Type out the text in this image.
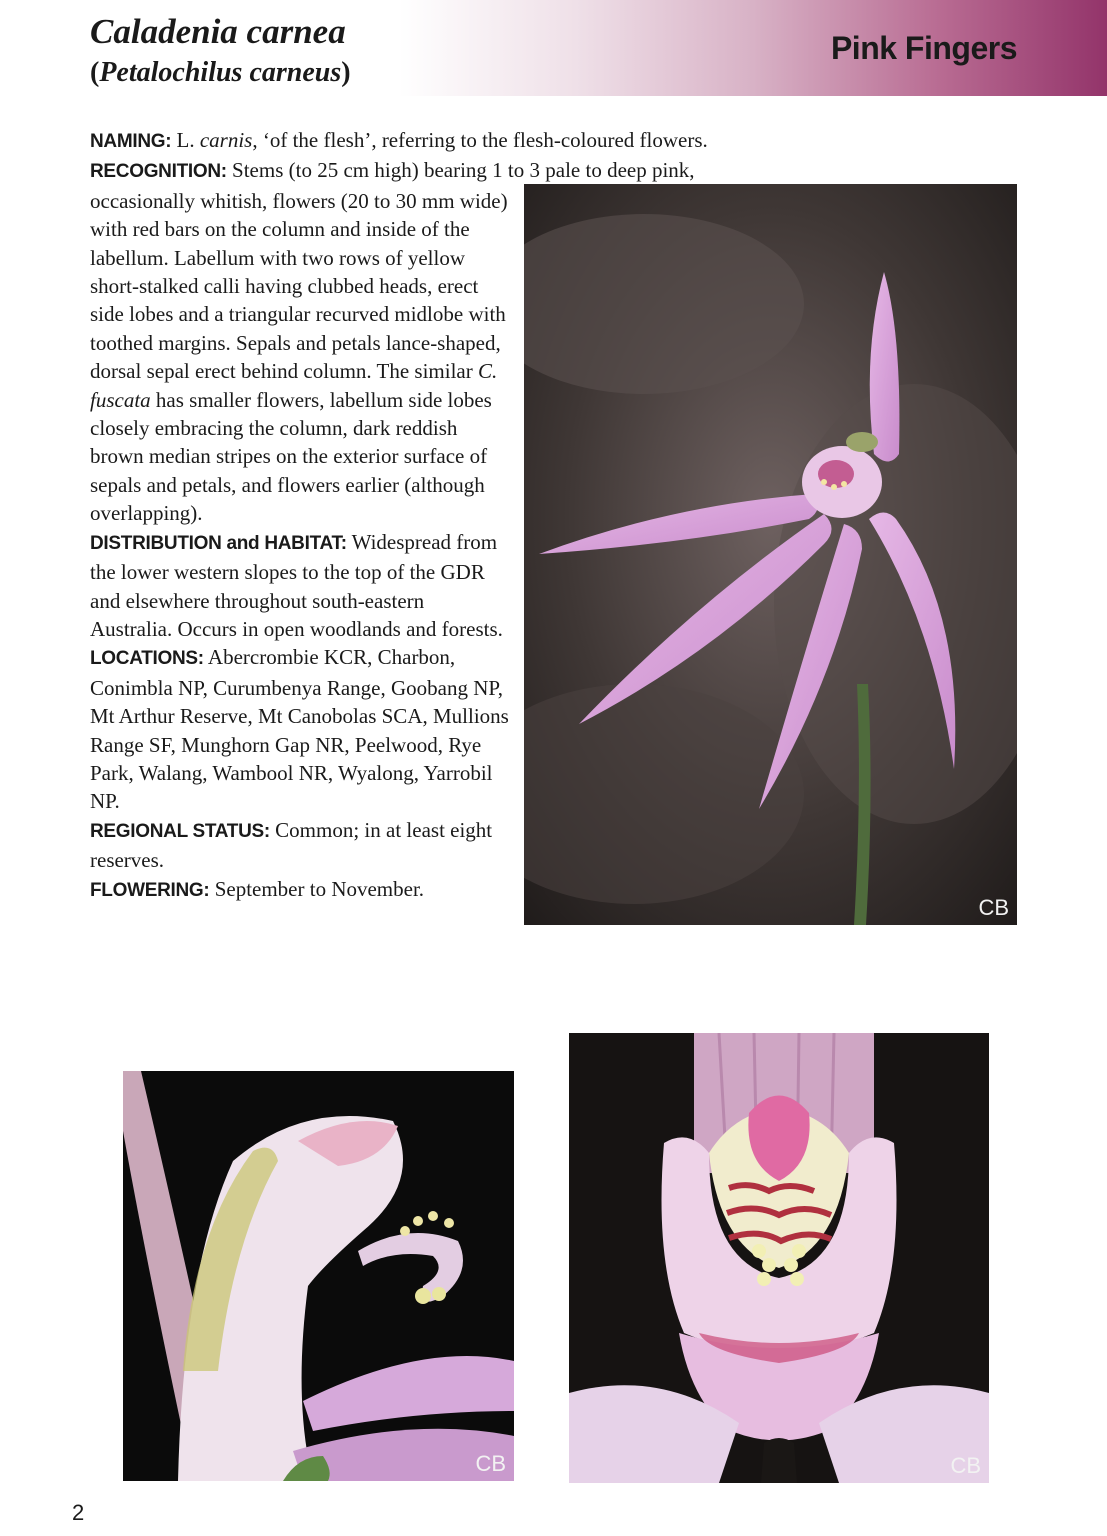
Caladenia carnea
(Petalochilus carneus)
Pink Fingers

NAMING: L. carnis, ‘of the flesh’, referring to the flesh-coloured flowers.

RECOGNITION: Stems (to 25 cm high) bearing 1 to 3 pale to deep pink,

occasionally whitish, flowers (20 to 30 mm wide) with red bars on the column and inside of the labellum. Labellum with two rows of yellow short-stalked calli having clubbed heads, erect side lobes and a triangular recurved midlobe with toothed margins. Sepals and petals lance-shaped, dorsal sepal erect behind column. The similar C. fuscata has smaller flowers, labellum side lobes closely embracing the column, dark reddish brown median stripes on the exterior surface of sepals and petals, and flowers earlier (although overlapping).

DISTRIBUTION and HABITAT: Widespread from the lower western slopes to the top of the GDR and elsewhere throughout south-eastern Australia. Occurs in open woodlands and forests.

LOCATIONS: Abercrombie KCR, Charbon, Conimbla NP, Curumbenya Range, Goobang NP, Mt Arthur Reserve, Mt Canobolas SCA, Mullions Range SF, Munghorn Gap NR, Peelwood, Rye Park, Walang, Wambool NR, Wyalong, Yarrobil NP.

REGIONAL STATUS: Common; in at least eight reserves.

FLOWERING: September to November.

CB
CB	CB
2
